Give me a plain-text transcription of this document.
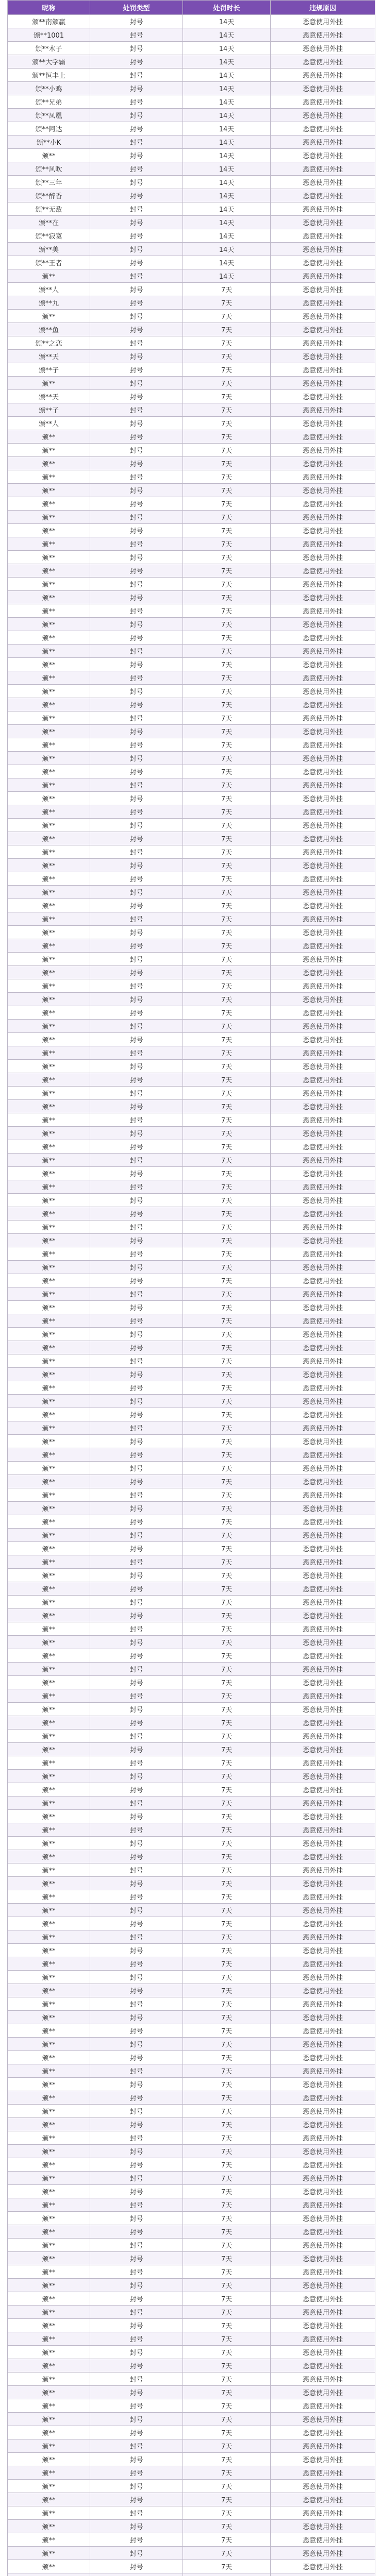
昵称	处罚类型	处罚时长	违规原因
颁**南颁赢	封号	14天	恶意使用外挂
颁**1001	封号	14天	恶意使用外挂
颁**木子	封号	14天	恶意使用外挂
颁**大学霸	封号	14天	恶意使用外挂
颁**恒丰上	封号	14天	恶意使用外挂
颁**小鸡	封号	14天	恶意使用外挂
颁**兄弟	封号	14天	恶意使用外挂
颁**凤凰	封号	14天	恶意使用外挂
颁**阿达	封号	14天	恶意使用外挂
颁**小K	封号	14天	恶意使用外挂
颁**	封号	14天	恶意使用外挂
颁**风吹	封号	14天	恶意使用外挂
颁**三年	封号	14天	恶意使用外挂
颁**醉香	封号	14天	恶意使用外挂
颁**无敌	封号	14天	恶意使用外挂
颁**在	封号	14天	恶意使用外挂
颁**寂寞	封号	14天	恶意使用外挂
颁**美	封号	14天	恶意使用外挂
颁**王者	封号	14天	恶意使用外挂
颁**	封号	14天	恶意使用外挂
颁**人	封号	7天	恶意使用外挂
颁**九	封号	7天	恶意使用外挂
颁**	封号	7天	恶意使用外挂
颁**鱼	封号	7天	恶意使用外挂
颁**之恋	封号	7天	恶意使用外挂
颁**天	封号	7天	恶意使用外挂
颁**子	封号	7天	恶意使用外挂
颁**	封号	7天	恶意使用外挂
颁**天	封号	7天	恶意使用外挂
颁**子	封号	7天	恶意使用外挂
颁**人	封号	7天	恶意使用外挂
颁**	封号	7天	恶意使用外挂
颁**	封号	7天	恶意使用外挂
颁**	封号	7天	恶意使用外挂
颁**	封号	7天	恶意使用外挂
颁**	封号	7天	恶意使用外挂
颁**	封号	7天	恶意使用外挂
颁**	封号	7天	恶意使用外挂
颁**	封号	7天	恶意使用外挂
颁**	封号	7天	恶意使用外挂
颁**	封号	7天	恶意使用外挂
颁**	封号	7天	恶意使用外挂
颁**	封号	7天	恶意使用外挂
颁**	封号	7天	恶意使用外挂
颁**	封号	7天	恶意使用外挂
颁**	封号	7天	恶意使用外挂
颁**	封号	7天	恶意使用外挂
颁**	封号	7天	恶意使用外挂
颁**	封号	7天	恶意使用外挂
颁**	封号	7天	恶意使用外挂
颁**	封号	7天	恶意使用外挂
颁**	封号	7天	恶意使用外挂
颁**	封号	7天	恶意使用外挂
颁**	封号	7天	恶意使用外挂
颁**	封号	7天	恶意使用外挂
颁**	封号	7天	恶意使用外挂
颁**	封号	7天	恶意使用外挂
颁**	封号	7天	恶意使用外挂
颁**	封号	7天	恶意使用外挂
颁**	封号	7天	恶意使用外挂
颁**	封号	7天	恶意使用外挂
颁**	封号	7天	恶意使用外挂
颁**	封号	7天	恶意使用外挂
颁**	封号	7天	恶意使用外挂
颁**	封号	7天	恶意使用外挂
颁**	封号	7天	恶意使用外挂
颁**	封号	7天	恶意使用外挂
颁**	封号	7天	恶意使用外挂
颁**	封号	7天	恶意使用外挂
颁**	封号	7天	恶意使用外挂
颁**	封号	7天	恶意使用外挂
颁**	封号	7天	恶意使用外挂
颁**	封号	7天	恶意使用外挂
颁**	封号	7天	恶意使用外挂
颁**	封号	7天	恶意使用外挂
颁**	封号	7天	恶意使用外挂
颁**	封号	7天	恶意使用外挂
颁**	封号	7天	恶意使用外挂
颁**	封号	7天	恶意使用外挂
颁**	封号	7天	恶意使用外挂
颁**	封号	7天	恶意使用外挂
颁**	封号	7天	恶意使用外挂
颁**	封号	7天	恶意使用外挂
颁**	封号	7天	恶意使用外挂
颁**	封号	7天	恶意使用外挂
颁**	封号	7天	恶意使用外挂
颁**	封号	7天	恶意使用外挂
颁**	封号	7天	恶意使用外挂
颁**	封号	7天	恶意使用外挂
颁**	封号	7天	恶意使用外挂
颁**	封号	7天	恶意使用外挂
颁**	封号	7天	恶意使用外挂
颁**	封号	7天	恶意使用外挂
颁**	封号	7天	恶意使用外挂
颁**	封号	7天	恶意使用外挂
颁**	封号	7天	恶意使用外挂
颁**	封号	7天	恶意使用外挂
颁**	封号	7天	恶意使用外挂
颁**	封号	7天	恶意使用外挂
颁**	封号	7天	恶意使用外挂
颁**	封号	7天	恶意使用外挂
颁**	封号	7天	恶意使用外挂
颁**	封号	7天	恶意使用外挂
颁**	封号	7天	恶意使用外挂
颁**	封号	7天	恶意使用外挂
颁**	封号	7天	恶意使用外挂
颁**	封号	7天	恶意使用外挂
颁**	封号	7天	恶意使用外挂
颁**	封号	7天	恶意使用外挂
颁**	封号	7天	恶意使用外挂
颁**	封号	7天	恶意使用外挂
颁**	封号	7天	恶意使用外挂
颁**	封号	7天	恶意使用外挂
颁**	封号	7天	恶意使用外挂
颁**	封号	7天	恶意使用外挂
颁**	封号	7天	恶意使用外挂
颁**	封号	7天	恶意使用外挂
颁**	封号	7天	恶意使用外挂
颁**	封号	7天	恶意使用外挂
颁**	封号	7天	恶意使用外挂
颁**	封号	7天	恶意使用外挂
颁**	封号	7天	恶意使用外挂
颁**	封号	7天	恶意使用外挂
颁**	封号	7天	恶意使用外挂
颁**	封号	7天	恶意使用外挂
颁**	封号	7天	恶意使用外挂
颁**	封号	7天	恶意使用外挂
颁**	封号	7天	恶意使用外挂
颁**	封号	7天	恶意使用外挂
颁**	封号	7天	恶意使用外挂
颁**	封号	7天	恶意使用外挂
颁**	封号	7天	恶意使用外挂
颁**	封号	7天	恶意使用外挂
颁**	封号	7天	恶意使用外挂
颁**	封号	7天	恶意使用外挂
颁**	封号	7天	恶意使用外挂
颁**	封号	7天	恶意使用外挂
颁**	封号	7天	恶意使用外挂
颁**	封号	7天	恶意使用外挂
颁**	封号	7天	恶意使用外挂
颁**	封号	7天	恶意使用外挂
颁**	封号	7天	恶意使用外挂
颁**	封号	7天	恶意使用外挂
颁**	封号	7天	恶意使用外挂
颁**	封号	7天	恶意使用外挂
颁**	封号	7天	恶意使用外挂
颁**	封号	7天	恶意使用外挂
颁**	封号	7天	恶意使用外挂
颁**	封号	7天	恶意使用外挂
颁**	封号	7天	恶意使用外挂
颁**	封号	7天	恶意使用外挂
颁**	封号	7天	恶意使用外挂
颁**	封号	7天	恶意使用外挂
颁**	封号	7天	恶意使用外挂
颁**	封号	7天	恶意使用外挂
颁**	封号	7天	恶意使用外挂
颁**	封号	7天	恶意使用外挂
颁**	封号	7天	恶意使用外挂
颁**	封号	7天	恶意使用外挂
颁**	封号	7天	恶意使用外挂
颁**	封号	7天	恶意使用外挂
颁**	封号	7天	恶意使用外挂
颁**	封号	7天	恶意使用外挂
颁**	封号	7天	恶意使用外挂
颁**	封号	7天	恶意使用外挂
颁**	封号	7天	恶意使用外挂
颁**	封号	7天	恶意使用外挂
颁**	封号	7天	恶意使用外挂
颁**	封号	7天	恶意使用外挂
颁**	封号	7天	恶意使用外挂
颁**	封号	7天	恶意使用外挂
颁**	封号	7天	恶意使用外挂
颁**	封号	7天	恶意使用外挂
颁**	封号	7天	恶意使用外挂
颁**	封号	7天	恶意使用外挂
颁**	封号	7天	恶意使用外挂
颁**	封号	7天	恶意使用外挂
颁**	封号	7天	恶意使用外挂
颁**	封号	7天	恶意使用外挂
颁**	封号	7天	恶意使用外挂
颁**	封号	7天	恶意使用外挂
颁**	封号	7天	恶意使用外挂
颁**	封号	7天	恶意使用外挂
颁**	封号	7天	恶意使用外挂
颁**	封号	7天	恶意使用外挂
颁**	封号	7天	恶意使用外挂
颁**	封号	7天	恶意使用外挂
颁**	封号	7天	恶意使用外挂
颁**	封号	7天	恶意使用外挂
颁**	封号	7天	恶意使用外挂
颁**	封号	7天	恶意使用外挂
